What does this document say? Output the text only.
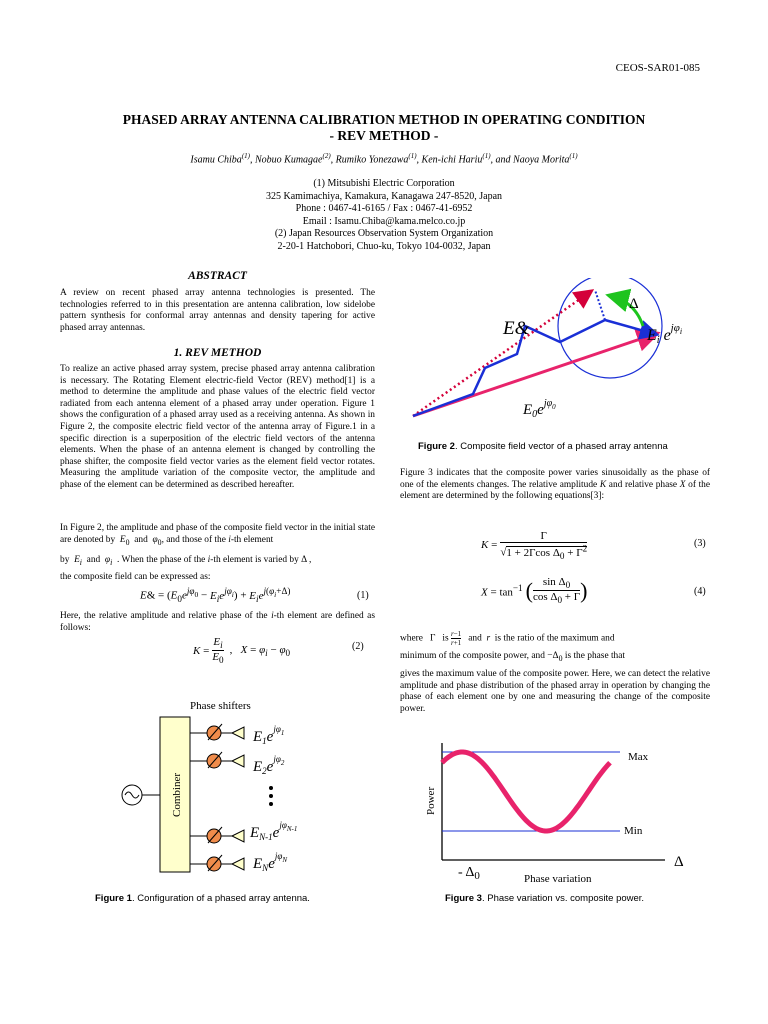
CEOS-SAR01-085
PHASED ARRAY ANTENNA CALIBRATION METHOD IN OPERATING CONDITION
- REV METHOD -
Isamu Chiba$^{(1)}$, Nobuo Kumagae$^{(2)}$, Rumiko Yonezawa$^{(1)}$, Ken-ichi Hariu$^{(1)}$, and Naoya Morita$^{(1)}$
(1) Mitsubishi Electric Corporation
325 Kamimachiya, Kamakura, Kanagawa 247-8520, Japan
Phone : 0467-41-6165 / Fax : 0467-41-6952
Email : Isamu.Chiba@kama.melco.co.jp
(2) Japan Resources Observation System Organization
2-20-1 Hatchobori, Chuo-ku, Tokyo 104-0032, Japan
ABSTRACT
A review on recent phased array antenna technologies is presented. The technologies referred to in this presentation are antenna calibration, low sidelobe pattern synthesis for conformal array antennas and density tapering for active phased array antennas.
1. REV METHOD
To realize an active phased array system, precise phased array antenna calibration is necessary. The Rotating Element electric-field Vector (REV) method[1] is a method to determine the amplitude and phase values of the electric field vector radiated from each antenna element of a phased array under operation. Figure 1 shows the configuration of a phased array used as a receiving antenna. As shown in Figure 2, the composite electric field vector of the antenna array of Figure.1 in a specific direction is a superposition of the electric field vectors of the antenna elements. When the phase of an antenna element is changed by controlling the phase shifter, the composite field vector varies as the element field vector rotates. Measuring the amplitude variation of the composite vector, the amplitude and phase of the element can be determined as described hereafter.
In Figure 2, the amplitude and phase of the composite field vector in the initial state are denoted by $E_0$ and $\varphi_0$, and those of the i-th element
by $E_i$ and $\varphi_i$ . When the phase of the i-th element is varied by Δ ,
the composite field can be expressed as:
E& = $(E_0e^{j\varphi_0} - E_ie^{j\varphi_i}) + E_ie^{j(\varphi_i+\Delta)}$	(1)
Here, the relative amplitude and relative phase of the i-th element are defined as follows:
K =	
$E_i$
$E_0$
	,   $X = \varphi_i - \varphi_0$
(2)
Phase shifters
Combiner
$E_1e^{j\varphi}_1$
$E_2e^{j\varphi}_2$
$E_{N-1}e^{j\varphi}_{N-1}$
$E_Ne^{j\varphi}_N$
Figure 1. Configuration of a phased array antenna.
Δ
E&	Ei $e^{j\varphi}i$
$E_0e^{j\varphi}_0$
Figure 2. Composite field vector of a phased array antenna
Figure 3 indicates that the composite power varies sinusoidally as the phase of one of the elements changes. The relative amplitude K and relative phase X of the element are determined by the following equations[3]:
K =	
Γ
√1 + 2Γcos $\Delta_0 + \Gamma^2$	(3)
$X = \tan^{-1}$	(	$\sin \Delta_0$
$\cos \Delta_0 + \Gamma$	)	(4)
where   Γ   is $\frac{r-1}{r+1}$ and r is the ratio of the maximum and
minimum of the composite power, and $-\Delta_0$ is the phase that
gives the maximum value of the composite power. Here, we can detect the relative amplitude and phase distribution of the phased array in operation by changing the phase of each element one by one and measuring the change of the composite power.
Max
Min
Power
Phase variation
- $\Delta_0$
Δ
Figure 3. Phase variation vs. composite power.
